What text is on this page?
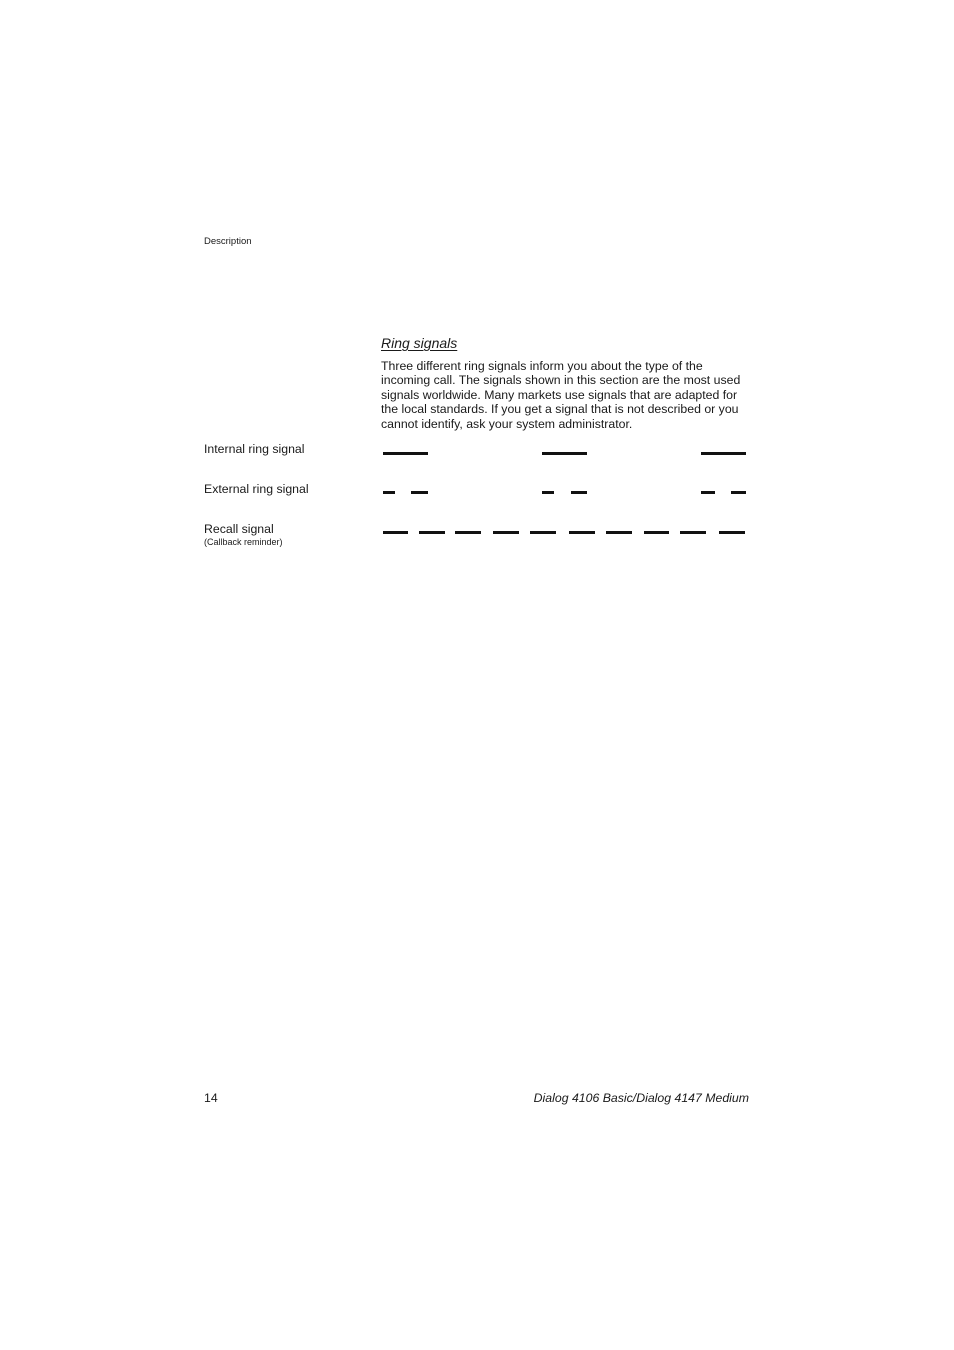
Description
Ring signals

Three different ring signals inform you about the type of the incoming call. The signals shown in this section are the most used signals worldwide. Many markets use signals that are adapted for the local standards. If you get a signal that is not described or you cannot identify, ask your system administrator.

Internal ring signal
External ring signal
Recall signal
(Callback reminder)
14	Dialog 4106 Basic/Dialog 4147 Medium
